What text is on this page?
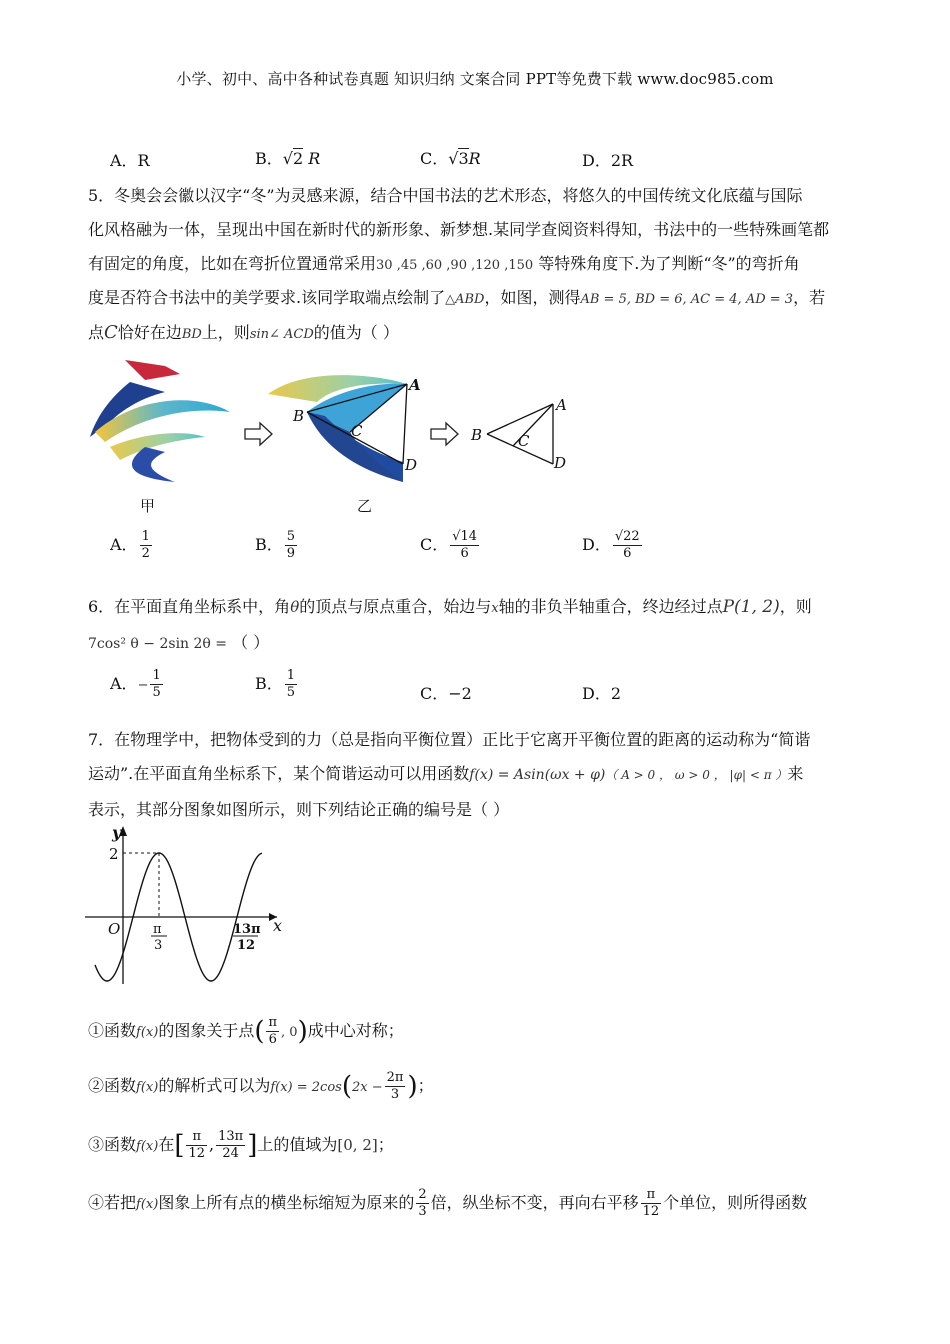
小学、初中、高中各种试卷真题 知识归纳 文案合同 PPT等免费下载 www.doc985.com
A．R	B．√2 R	C．√3R	D．2R
5．冬奥会会徽以汉字“冬”为灵感来源，结合中国书法的艺术形态，将悠久的中国传统文化底蕴与国际
化风格融为一体，呈现出中国在新时代的新形象、新梦想.某同学查阅资料得知，书法中的一些特殊画笔都
有固定的角度，比如在弯折位置通常采用30 ,45 ,60 ,90 ,120 ,150 等特殊角度下.为了判断“冬”的弯折角
度是否符合书法中的美学要求.该同学取端点绘制了△ABD，如图，测得AB = 5, BD = 6, AC = 4, AD = 3，若
点C恰好在边BD上，则sin∠ ACD的值为（ ）
甲
A
B
C
D
乙
A
B C
D
A． $\frac{1}{2}$	B． $\frac{5}{9}$	C． $\frac{√14}{6}$	D． $\frac{√22}{6}$
6．在平面直角坐标系中，角θ的顶点与原点重合，始边与x轴的非负半轴重合，终边经过点P(1, 2)，则
7cos² θ − 2sin 2θ = （ ）
A．− $\frac{1}{5}$	B． $\frac{1}{5}$	C．−2	D．2
7．在物理学中，把物体受到的力（总是指向平衡位置）正比于它离开平衡位置的距离的运动称为“简谐
运动”.在平面直角坐标系下，某个简谐运动可以用函数f(x) = Asin(ωx + φ)（ A > 0 ， ω > 0 ， |φ| < π ）来
表示，其部分图象如图所示，则下列结论正确的编号是（ ）
y
x
O
2
π
3
13π
12
①函数f(x)的图象关于点( $\frac{\pi}{6}$ , 0)成中心对称；
②函数f(x)的解析式可以为$f(x) = 2\cos(2x - \frac{2\pi}{3}$ )；
③函数f(x)在[ $\frac{\pi}{12}$ , $\frac{13\pi}{24}$ ]上的值域为[0, 2]；
④若把f(x)图象上所有点的横坐标缩短为原来的 $\frac{2}{3}$ 倍，纵坐标不变，再向右平移 $\frac{\pi}{12}$ 个单位，则所得函数
